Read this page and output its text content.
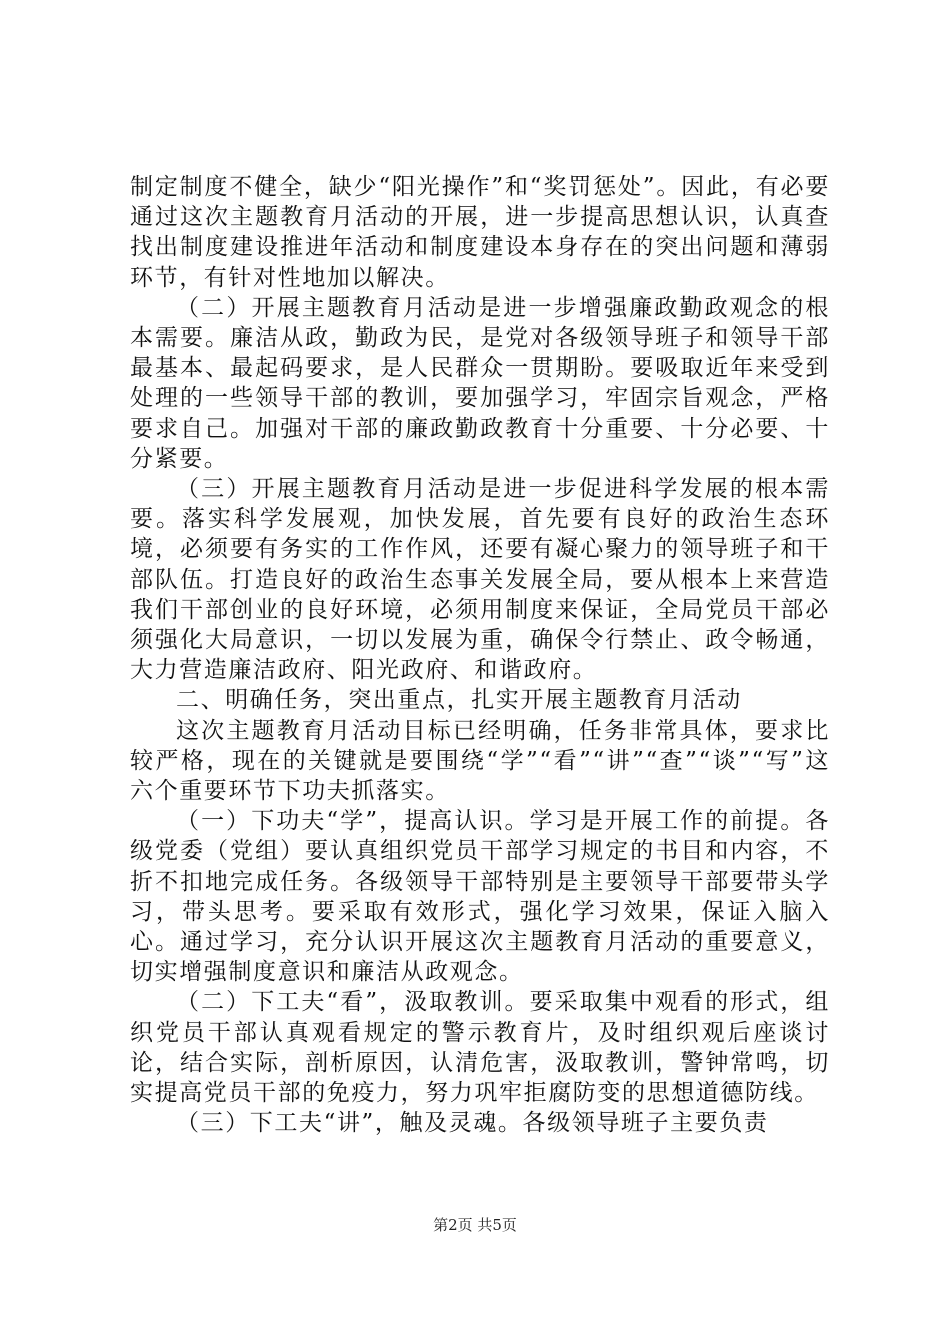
制定制度不健全，缺少“阳光操作”和“奖罚惩处”。因此，有必要通过这次主题教育月活动的开展，进一步提高思想认识，认真查找出制度建设推进年活动和制度建设本身存在的突出问题和薄弱环节，有针对性地加以解决。

（二）开展主题教育月活动是进一步增强廉政勤政观念的根本需要。廉洁从政，勤政为民，是党对各级领导班子和领导干部最基本、最起码要求，是人民群众一贯期盼。要吸取近年来受到处理的一些领导干部的教训，要加强学习，牢固宗旨观念，严格要求自己。加强对干部的廉政勤政教育十分重要、十分必要、十分紧要。

（三）开展主题教育月活动是进一步促进科学发展的根本需要。落实科学发展观，加快发展，首先要有良好的政治生态环境，必须要有务实的工作作风，还要有凝心聚力的领导班子和干部队伍。打造良好的政治生态事关发展全局，要从根本上来营造我们干部创业的良好环境，必须用制度来保证，全局党员干部必须强化大局意识，一切以发展为重，确保令行禁止、政令畅通，大力营造廉洁政府、阳光政府、和谐政府。

二、明确任务，突出重点，扎实开展主题教育月活动

这次主题教育月活动目标已经明确，任务非常具体，要求比较严格，现在的关键就是要围绕“学”“看”“讲”“查”“谈”“写”这六个重要环节下功夫抓落实。

（一）下功夫“学”，提高认识。学习是开展工作的前提。各级党委（党组）要认真组织党员干部学习规定的书目和内容，不折不扣地完成任务。各级领导干部特别是主要领导干部要带头学习，带头思考。要采取有效形式，强化学习效果，保证入脑入心。通过学习，充分认识开展这次主题教育月活动的重要意义，切实增强制度意识和廉洁从政观念。

（二）下工夫“看”，汲取教训。要采取集中观看的形式，组织党员干部认真观看规定的警示教育片，及时组织观后座谈讨论，结合实际，剖析原因，认清危害，汲取教训，警钟常鸣，切实提高党员干部的免疫力，努力巩牢拒腐防变的思想道德防线。

（三）下工夫“讲”，触及灵魂。各级领导班子主要负责

第2页 共5页
